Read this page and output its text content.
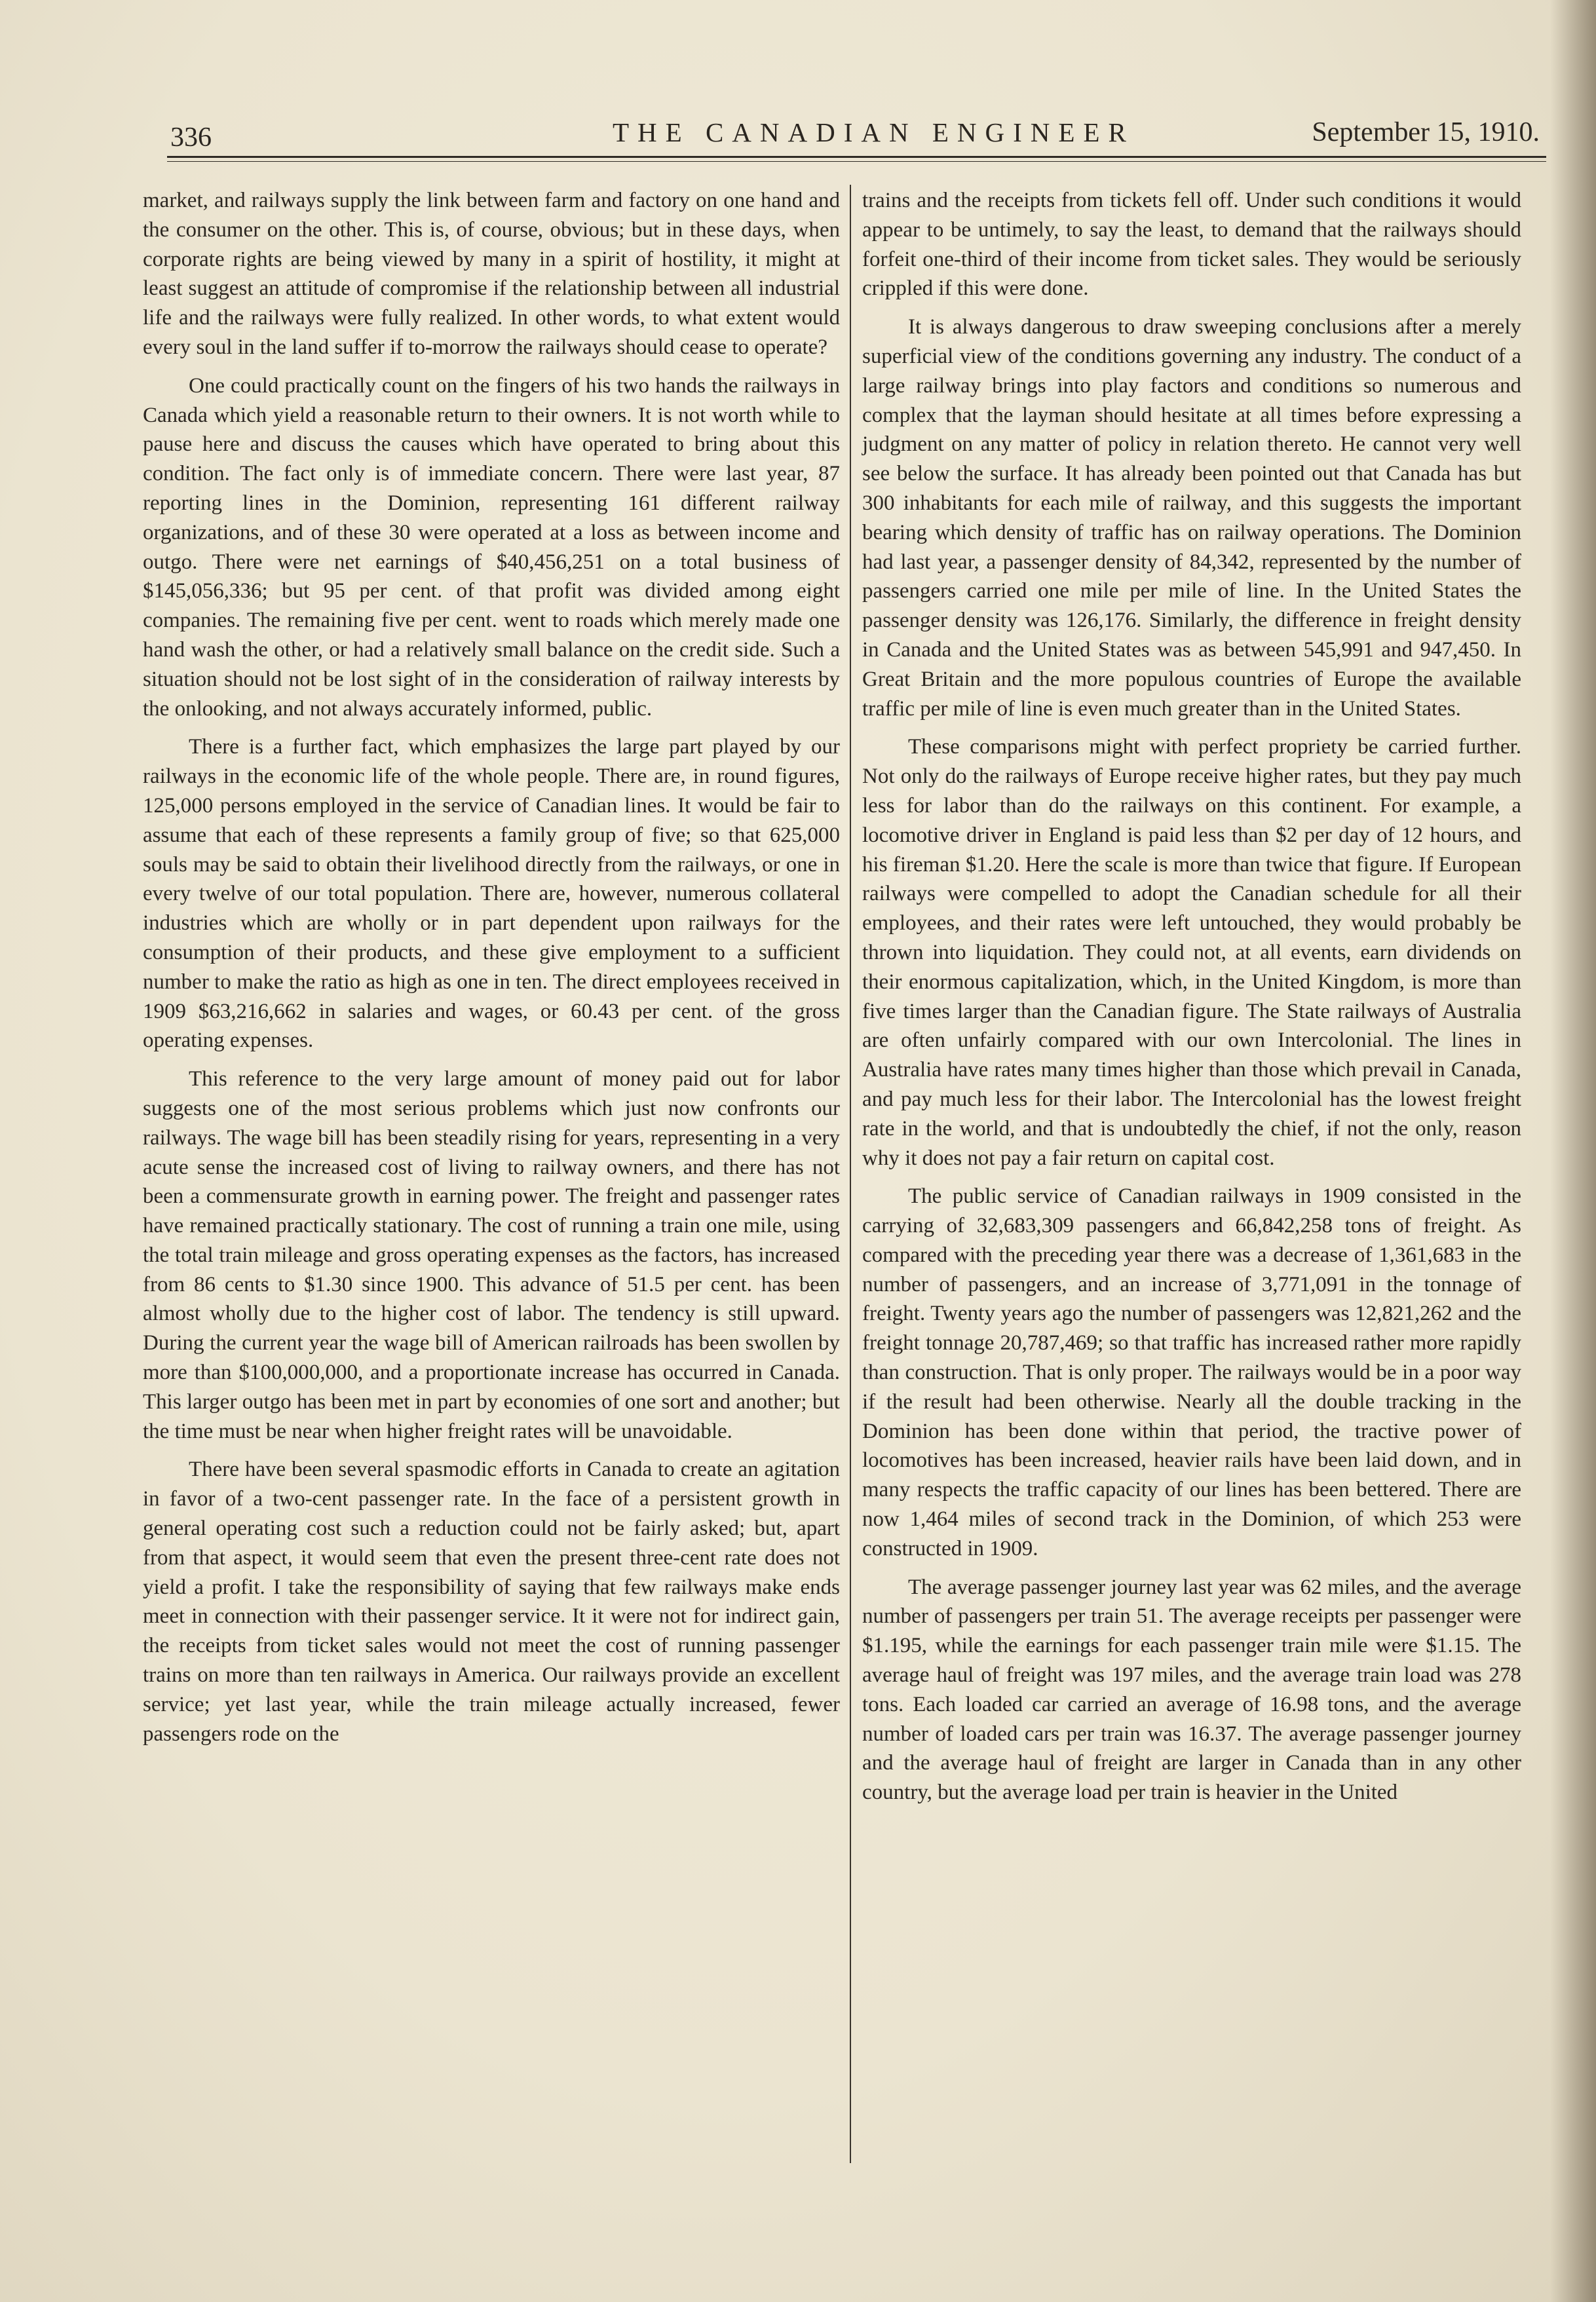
336	THE CANADIAN ENGINEER	September 15, 1910.

market, and railways supply the link between farm and factory on one hand and the consumer on the other. This is, of course, obvious; but in these days, when corporate rights are being viewed by many in a spirit of hostility, it might at least suggest an attitude of compromise if the relationship between all industrial life and the railways were fully realized. In other words, to what extent would every soul in the land suffer if to-morrow the railways should cease to operate?

One could practically count on the fingers of his two hands the railways in Canada which yield a reasonable return to their owners. It is not worth while to pause here and discuss the causes which have operated to bring about this condition. The fact only is of immediate concern. There were last year, 87 reporting lines in the Dominion, representing 161 different railway organizations, and of these 30 were operated at a loss as between income and outgo. There were net earnings of $40,456,251 on a total business of $145,056,336; but 95 per cent. of that profit was divided among eight companies. The remaining five per cent. went to roads which merely made one hand wash the other, or had a relatively small balance on the credit side. Such a situation should not be lost sight of in the consideration of railway interests by the onlooking, and not always accurately informed, public.

There is a further fact, which emphasizes the large part played by our railways in the economic life of the whole people. There are, in round figures, 125,000 persons employed in the service of Canadian lines. It would be fair to assume that each of these represents a family group of five; so that 625,000 souls may be said to obtain their livelihood directly from the railways, or one in every twelve of our total population. There are, however, numerous collateral industries which are wholly or in part dependent upon railways for the consumption of their products, and these give employment to a sufficient number to make the ratio as high as one in ten. The direct employees received in 1909 $63,216,662 in salaries and wages, or 60.43 per cent. of the gross operating expenses.

This reference to the very large amount of money paid out for labor suggests one of the most serious problems which just now confronts our railways. The wage bill has been steadily rising for years, representing in a very acute sense the increased cost of living to railway owners, and there has not been a commensurate growth in earning power. The freight and passenger rates have remained practically stationary. The cost of running a train one mile, using the total train mileage and gross operating expenses as the factors, has increased from 86 cents to $1.30 since 1900. This advance of 51.5 per cent. has been almost wholly due to the higher cost of labor. The tendency is still upward. During the current year the wage bill of American railroads has been swollen by more than $100,000,000, and a proportionate increase has occurred in Canada. This larger outgo has been met in part by economies of one sort and another; but the time must be near when higher freight rates will be unavoidable.

There have been several spasmodic efforts in Canada to create an agitation in favor of a two-cent passenger rate. In the face of a persistent growth in general operating cost such a reduction could not be fairly asked; but, apart from that aspect, it would seem that even the present three-cent rate does not yield a profit. I take the responsibility of saying that few railways make ends meet in connection with their passenger service. It it were not for indirect gain, the receipts from ticket sales would not meet the cost of running passenger trains on more than ten railways in America. Our railways provide an excellent service; yet last year, while the train mileage actually increased, fewer passengers rode on the

trains and the receipts from tickets fell off. Under such conditions it would appear to be untimely, to say the least, to demand that the railways should forfeit one-third of their income from ticket sales. They would be seriously crippled if this were done.

It is always dangerous to draw sweeping conclusions after a merely superficial view of the conditions governing any industry. The conduct of a large railway brings into play factors and conditions so numerous and complex that the layman should hesitate at all times before expressing a judgment on any matter of policy in relation thereto. He cannot very well see below the surface. It has already been pointed out that Canada has but 300 inhabitants for each mile of railway, and this suggests the important bearing which density of traffic has on railway operations. The Dominion had last year, a passenger density of 84,342, represented by the number of passengers carried one mile per mile of line. In the United States the passenger density was 126,176. Similarly, the difference in freight density in Canada and the United States was as between 545,991 and 947,450. In Great Britain and the more populous countries of Europe the available traffic per mile of line is even much greater than in the United States.

These comparisons might with perfect propriety be carried further. Not only do the railways of Europe receive higher rates, but they pay much less for labor than do the railways on this continent. For example, a locomotive driver in England is paid less than $2 per day of 12 hours, and his fireman $1.20. Here the scale is more than twice that figure. If European railways were compelled to adopt the Canadian schedule for all their employees, and their rates were left untouched, they would probably be thrown into liquidation. They could not, at all events, earn dividends on their enormous capitalization, which, in the United Kingdom, is more than five times larger than the Canadian figure. The State railways of Australia are often unfairly compared with our own Intercolonial. The lines in Australia have rates many times higher than those which prevail in Canada, and pay much less for their labor. The Intercolonial has the lowest freight rate in the world, and that is undoubtedly the chief, if not the only, reason why it does not pay a fair return on capital cost.

The public service of Canadian railways in 1909 consisted in the carrying of 32,683,309 passengers and 66,842,258 tons of freight. As compared with the preceding year there was a decrease of 1,361,683 in the number of passengers, and an increase of 3,771,091 in the tonnage of freight. Twenty years ago the number of passengers was 12,821,262 and the freight tonnage 20,787,469; so that traffic has increased rather more rapidly than construction. That is only proper. The railways would be in a poor way if the result had been otherwise. Nearly all the double tracking in the Dominion has been done within that period, the tractive power of locomotives has been increased, heavier rails have been laid down, and in many respects the traffic capacity of our lines has been bettered. There are now 1,464 miles of second track in the Dominion, of which 253 were constructed in 1909.

The average passenger journey last year was 62 miles, and the average number of passengers per train 51. The average receipts per passenger were $1.195, while the earnings for each passenger train mile were $1.15. The average haul of freight was 197 miles, and the average train load was 278 tons. Each loaded car carried an average of 16.98 tons, and the average number of loaded cars per train was 16.37. The average passenger journey and the average haul of freight are larger in Canada than in any other country, but the average load per train is heavier in the United
